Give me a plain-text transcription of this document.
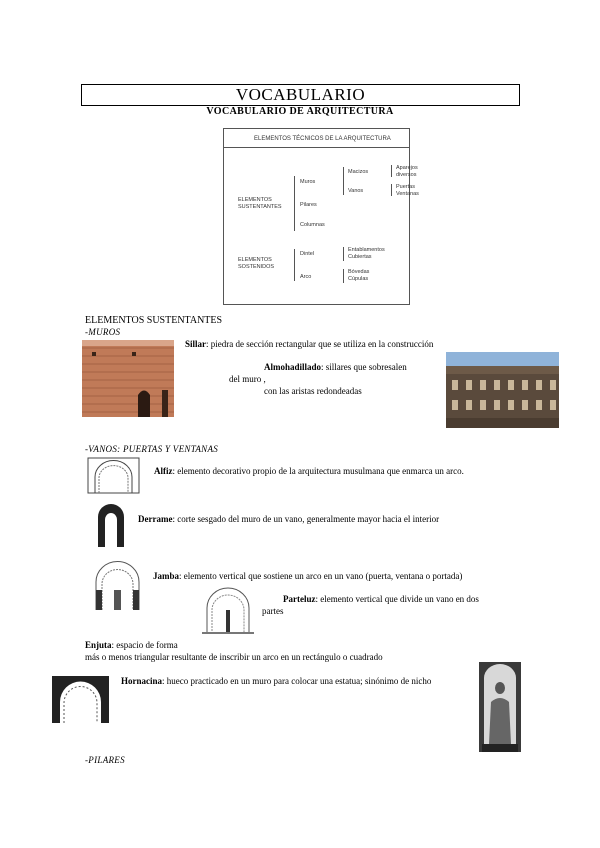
VOCABULARIO
VOCABULARIO DE ARQUITECTURA
ELEMENTOS TÉCNICOS DE LA ARQUITECTURA
ELEMENTOS
SUSTENTANTES
Muros
Pilares
Columnas
Macizos
Vanos
Aparejos
diversos
Puertas
Ventanas
ELEMENTOS
SOSTENIDOS
Dintel
Arco
Entablamentos
Cubiertas
Bóvedas
Cúpulas
ELEMENTOS SUSTENTANTES
-MUROS
Sillar: piedra de sección rectangular que se utiliza en la construcción
Almohadillado: sillares que sobresalen
del muro ,
con las aristas redondeadas
-VANOS: PUERTAS Y VENTANAS
Alfiz: elemento decorativo propio de la arquitectura musulmana que enmarca un arco.
Derrame: corte sesgado del muro de un vano, generalmente mayor hacia el interior
Jamba: elemento vertical que sostiene un arco en un vano (puerta, ventana o portada)
Parteluz: elemento vertical que divide un vano en dos
partes
Enjuta: espacio de forma
más o menos triangular resultante de inscribir un arco en un rectángulo o cuadrado
Hornacina: hueco practicado en un muro para colocar una estatua; sinónimo de nicho
-PILARES
